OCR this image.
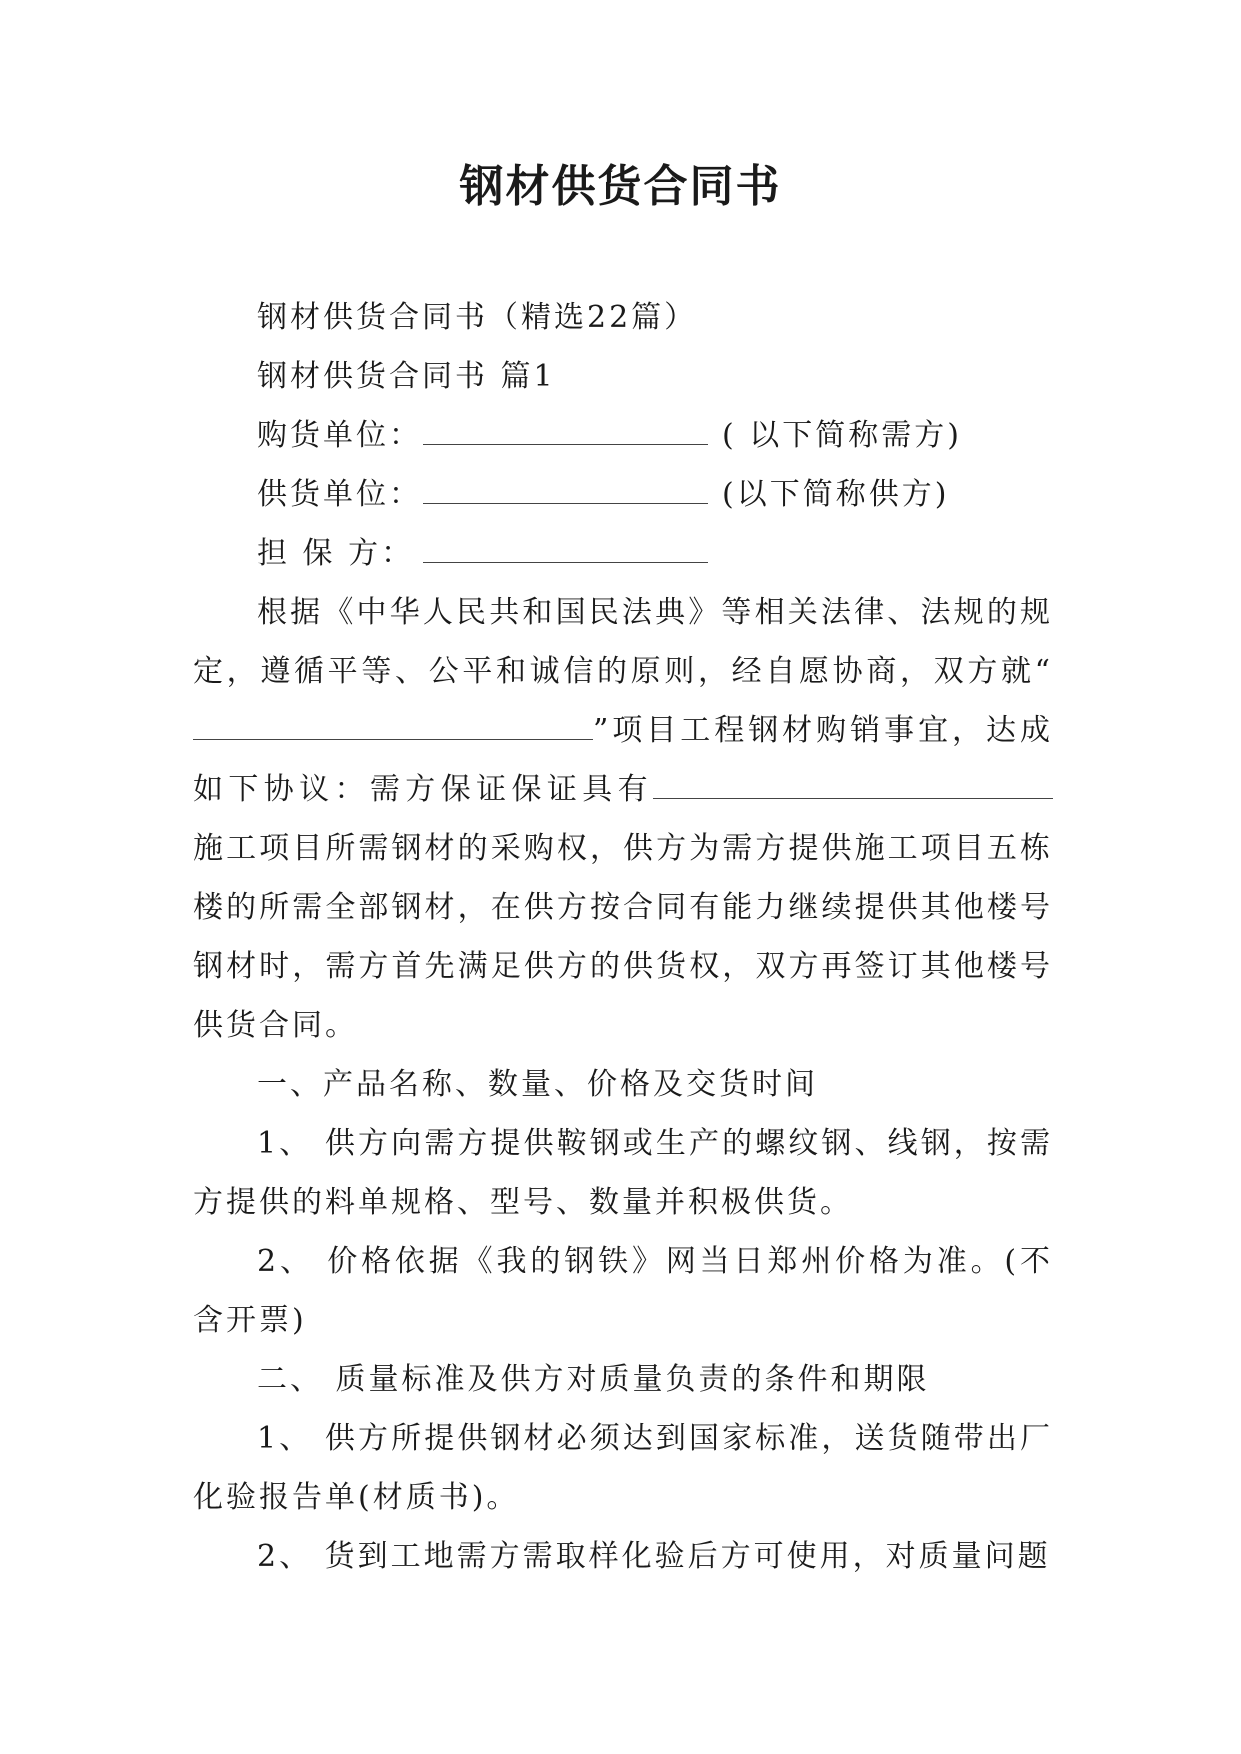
钢材供货合同书

钢材供货合同书（精选22篇）

钢材供货合同书 篇1

购货单位：	( 以下简称需方)

供货单位：	(以下简称供方)

担 保 方：

根据《中华人民共和国民法典》等相关法律、法规的规定，遵循平等、公平和诚信的原则，经自愿协商，双方就“”项目工程钢材购销事宜，达成如下协议：需方保证保证具有施工项目所需钢材的采购权，供方为需方提供施工项目五栋楼的所需全部钢材，在供方按合同有能力继续提供其他楼号钢材时，需方首先满足供方的供货权，双方再签订其他楼号供货合同。

一、产品名称、数量、价格及交货时间

1、 供方向需方提供鞍钢或生产的螺纹钢、线钢，按需方提供的料单规格、型号、数量并积极供货。

2、 价格依据《我的钢铁》网当日郑州价格为准。(不含开票)

二、 质量标准及供方对质量负责的条件和期限

1、 供方所提供钢材必须达到国家标准，送货随带出厂化验报告单(材质书)。

2、 货到工地需方需取样化验后方可使用，对质量问题
